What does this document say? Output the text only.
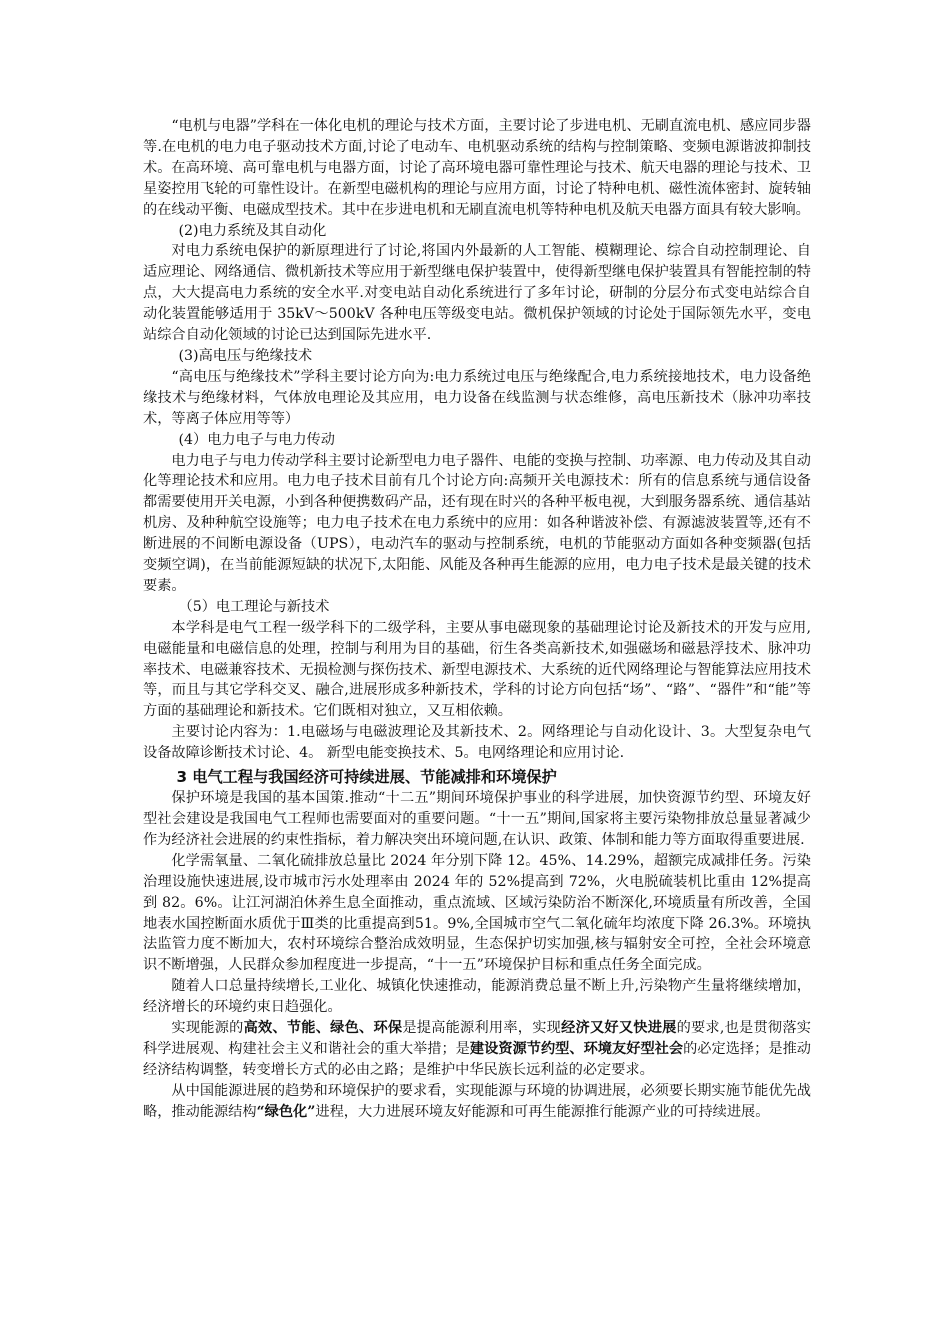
“电机与电器”学科在一体化电机的理论与技术方面，主要讨论了步进电机、无刷直流电机、感应同步器等.在电机的电力电子驱动技术方面,讨论了电动车、电机驱动系统的结构与控制策略、变频电源谐波抑制技术。在高环境、高可靠电机与电器方面，讨论了高环境电器可靠性理论与技术、航天电器的理论与技术、卫星姿控用飞轮的可靠性设计。在新型电磁机构的理论与应用方面，讨论了特种电机、磁性流体密封、旋转轴的在线动平衡、电磁成型技术。其中在步进电机和无刷直流电机等特种电机及航天电器方面具有较大影响。

(2)电力系统及其自动化

对电力系统电保护的新原理进行了讨论,将国内外最新的人工智能、模糊理论、综合自动控制理论、自适应理论、网络通信、微机新技术等应用于新型继电保护装置中，使得新型继电保护装置具有智能控制的特点，大大提高电力系统的安全水平.对变电站自动化系统进行了多年讨论，研制的分层分布式变电站综合自动化装置能够适用于 35kV～500kV 各种电压等级变电站。微机保护领域的讨论处于国际领先水平，变电站综合自动化领域的讨论已达到国际先进水平.

(3)高电压与绝缘技术

“高电压与绝缘技术”学科主要讨论方向为:电力系统过电压与绝缘配合,电力系统接地技术，电力设备绝缘技术与绝缘材料，气体放电理论及其应用，电力设备在线监测与状态维修，高电压新技术（脉冲功率技术，等离子体应用等等）

(4）电力电子与电力传动

电力电子与电力传动学科主要讨论新型电力电子器件、电能的变换与控制、功率源、电力传动及其自动化等理论技术和应用。电力电子技术目前有几个讨论方向:高频开关电源技术：所有的信息系统与通信设备都需要使用开关电源，小到各种便携数码产品，还有现在时兴的各种平板电视，大到服务器系统、通信基站机房、及种种航空设施等；电力电子技术在电力系统中的应用：如各种谐波补偿、有源滤波装置等,还有不断进展的不间断电源设备（UPS），电动汽车的驱动与控制系统，电机的节能驱动方面如各种变频器(包括变频空调)，在当前能源短缺的状况下,太阳能、风能及各种再生能源的应用，电力电子技术是最关键的技术要素。

（5）电工理论与新技术

本学科是电气工程一级学科下的二级学科，主要从事电磁现象的基础理论讨论及新技术的开发与应用,电磁能量和电磁信息的处理，控制与利用为目的基础，衍生各类高新技术,如强磁场和磁悬浮技术、脉冲功率技术、电磁兼容技术、无损检测与探伤技术、新型电源技术、大系统的近代网络理论与智能算法应用技术等，而且与其它学科交叉、融合,进展形成多种新技术，学科的讨论方向包括“场”、“路”、“器件”和“能”等方面的基础理论和新技术。它们既相对独立，又互相依赖。

主要讨论内容为：1.电磁场与电磁波理论及其新技术、2。网络理论与自动化设计、3。大型复杂电气设备故障诊断技术讨论、4。 新型电能变换技术、5。电网络理论和应用讨论.

3 电气工程与我国经济可持续进展、节能减排和环境保护

保护环境是我国的基本国策.推动“十二五”期间环境保护事业的科学进展，加快资源节约型、环境友好型社会建设是我国电气工程师也需要面对的重要问题。“十一五”期间,国家将主要污染物排放总量显著减少作为经济社会进展的约束性指标，着力解决突出环境问题,在认识、政策、体制和能力等方面取得重要进展.

化学需氧量、二氧化硫排放总量比 2024 年分别下降 12。45%、14.29%，超额完成减排任务。污染治理设施快速进展,设市城市污水处理率由 2024 年的 52%提高到 72%，火电脱硫装机比重由 12%提高到 82。6%。让江河湖泊休养生息全面推动，重点流域、区域污染防治不断深化,环境质量有所改善，全国地表水国控断面水质优于Ⅲ类的比重提高到51。9%,全国城市空气二氧化硫年均浓度下降 26.3%。环境执法监管力度不断加大，农村环境综合整治成效明显，生态保护切实加强,核与辐射安全可控，全社会环境意识不断增强，人民群众参加程度进一步提高，“十一五”环境保护目标和重点任务全面完成。

随着人口总量持续增长,工业化、城镇化快速推动，能源消费总量不断上升,污染物产生量将继续增加，经济增长的环境约束日趋强化。

实现能源的高效、节能、绿色、环保是提高能源利用率，实现经济又好又快进展的要求,也是贯彻落实科学进展观、构建社会主义和谐社会的重大举措；是建设资源节约型、环境友好型社会的必定选择；是推动经济结构调整，转变增长方式的必由之路；是维护中华民族长远利益的必定要求。

从中国能源进展的趋势和环境保护的要求看，实现能源与环境的协调进展，必须要长期实施节能优先战略，推动能源结构“绿色化”进程，大力进展环境友好能源和可再生能源推行能源产业的可持续进展。
